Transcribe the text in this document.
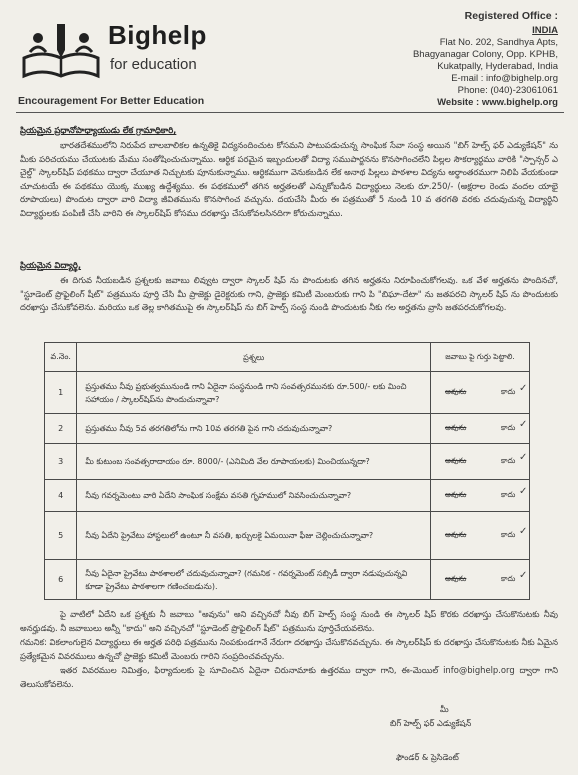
Bighelp
for education
Encouragement For Better Education
Registered Office :
INDIA
Flat No. 202, Sandhya Apts,
Bhagyanagar Colony, Opp. KPHB,
Kukatpally, Hyderabad, India
E-mail : info@bighelp.org
Phone: (040)-23061061
Website : www.bighelp.org
ప్రియమైన ప్రధానోపాధ్యాయుడు లేక గ్రామాధికారి,
భారతదేశములోని నిరుపేద బాలబాలికల ఉన్నతికై విద్యనందించుట కోసమని పాటుపడుచున్న సాంఘిక సేవా సంస్థ అయిన "బిగ్ హెల్ప్ ఫర్ ఎడ్యుకేషన్" ను మీకు పరిచయము చేయుటకు మేము సంతోషించుచున్నాము. ఆర్థిక పరమైన ఇబ్బందులతో విద్యా సముపార్జనను కొనసాగించలేని పిల్లల సౌకర్యార్థము వారికి "స్పాన్సర్ ఎ చైల్డ్" స్కాలర్‌షిప్ పథకము ద్వారా చేయూత నిచ్చుటకు పూనుకున్నాము. ఆర్థికముగా వెనుకబడిన లేక అనాథ పిల్లలు పాఠశాల విద్యను అర్థాంతరముగా నిలిపి వేయకుండా చూచుటయే ఈ పథకము యొక్క ముఖ్య ఉద్దేశ్యము. ఈ పథకములో తగిన అర్హతలతో ఎన్నుకోబడిన విద్యార్థులు నెలకు రూ.250/- (అక్షరాల రెండు వందల యాభై రూపాయలు) పొందుట ద్వారా వారి విద్యా జీవితమును కొనసాగించ వచ్చును. దయచేసి మీరు ఈ పత్రముతో 5 నుండి 10 వ తరగతి వరకు చదువుచున్న విద్యార్థిని విద్యార్థులకు పంపిణీ చేసి వారిని ఈ స్కాలర్‌షిప్ కోసము దరఖాస్తు చేసుకోవలసినదిగా కోరుచున్నాము.
ప్రియమైన విద్యార్థి,
ఈ దిగువ నీయబడిన ప్రశ్నలకు జవాబు లివ్వుట ద్వారా స్కాలర్ షిప్ ను పొందుటకు తగిన అర్హతను నిరూపించుకోగలవు. ఒక వేళ అర్హతను పొందినచో, "స్టూడెంట్ ప్రొఫైలింగ్ షీట్" పత్రమును పూర్తి చేసి మీ ప్రాజెక్టు డైరెక్టరుకు గాని, ప్రాజెక్టు కమిటీ మెంబరుకు గాని పి "బిఘా-దేటా" ను జతపరచి స్కాలర్ షిప్ ను పొందుటకు దరఖాస్తు చేసుకోవలెను. మరియు ఒక తెల్ల కాగితముపై ఈ స్కాలర్‌షిప్ ను బిగ్ హెల్ప్ సంస్థ నుండి పొందుటకు నీకు గల అర్హతను వ్రాసి జతపరచుకోగలవు.
వ.నెం.	ప్రశ్నలు	జవాబు పై గుర్తు పెట్టాలి.
1	ప్రస్తుతము నీవు ప్రభుత్వమునుండి గాని ఏదైనా సంస్థనుండి గాని సంవత్సరమునకు రూ.500/- లకు మించి సహాయం / స్కాలర్‌షిప్‌ను పొందుచున్నావా?	అవును కాదు ✓

2	ప్రస్తుతము నీవు 5వ తరగతిలోను గాని 10వ తరగతి పైన గాని చదువుచున్నావా?	అవును కాదు ✓

3	మీ కుటుంబ సంవత్సరాదాయం రూ. 8000/- (ఎనిమిది వేల రూపాయలకు) మించియున్నదా?	అవును కాదు ✓

4	నీవు గవర్నమెంటు వారి ఏదేని సాంఘిక సంక్షేమ వసతి గృహములో నివసించుచున్నావా?	అవును కాదు ✓

5	నీవు ఏదేని ప్రైవేటు హాస్టలులో ఉంటూ నీ వసతి, ఖర్చులకై ఏమయినా ఫీజు చెల్లించుచున్నావా?	అవును కాదు ✓

6	నీవు ఏదైనా ప్రైవేటు పాఠశాలలో చదువుచున్నావా? (గమనిక - గవర్నమెంట్ సబ్సిడీ ద్వారా నడుపుచున్నవి కూడా ప్రైవేటు పాఠశాలగా గణించబడును).	అవును కాదు ✓
పై వాటిలో ఏదేని ఒక ప్రశ్నకు నీ జవాబు "అవును" అని వచ్చినచో నీవు బిగ్ హెల్ప్ సంస్థ నుండి ఈ స్కాలర్ షిప్ కొరకు దరఖాస్తు చేసుకొనుటకు నీవు అనర్హుడవు. నీ జవాబులు అన్నీ "కాదు" అని వచ్చినచో "స్టూడెంట్ ప్రొఫైలింగ్ షీట్" పత్రమును పూర్తిచేయవలెను.
గమనిక: వికలాంగులైన విద్యార్థులు ఈ అర్హత పరిధి పత్రమును నింపకుండగానే నేరుగా దరఖాస్తు చేసుకొనవచ్చును. ఈ స్కాలర్‌షిప్ కు దరఖాస్తు చేసుకొనుటకు నీకు ఏమైన ప్రత్యేకమైన వివరములు ఉన్నచో ప్రాజెక్టు కమిటీ మెంబరు గారిని సంప్రదించవచ్చును.
ఇతర వివరముల నిమిత్తం, ఫిర్యాదులకు పై సూచించిన ఏదైనా చిరునామాకు ఉత్తరము ద్వారా గాని, ఈ-మెయిల్ info@bighelp.org ద్వారా గాని తెలుసుకోవలెను.
మీ
బిగ్ హెల్ప్ ఫర్ ఎడ్యుకేషన్
ఫౌండర్ & ప్రెసిడెంట్
